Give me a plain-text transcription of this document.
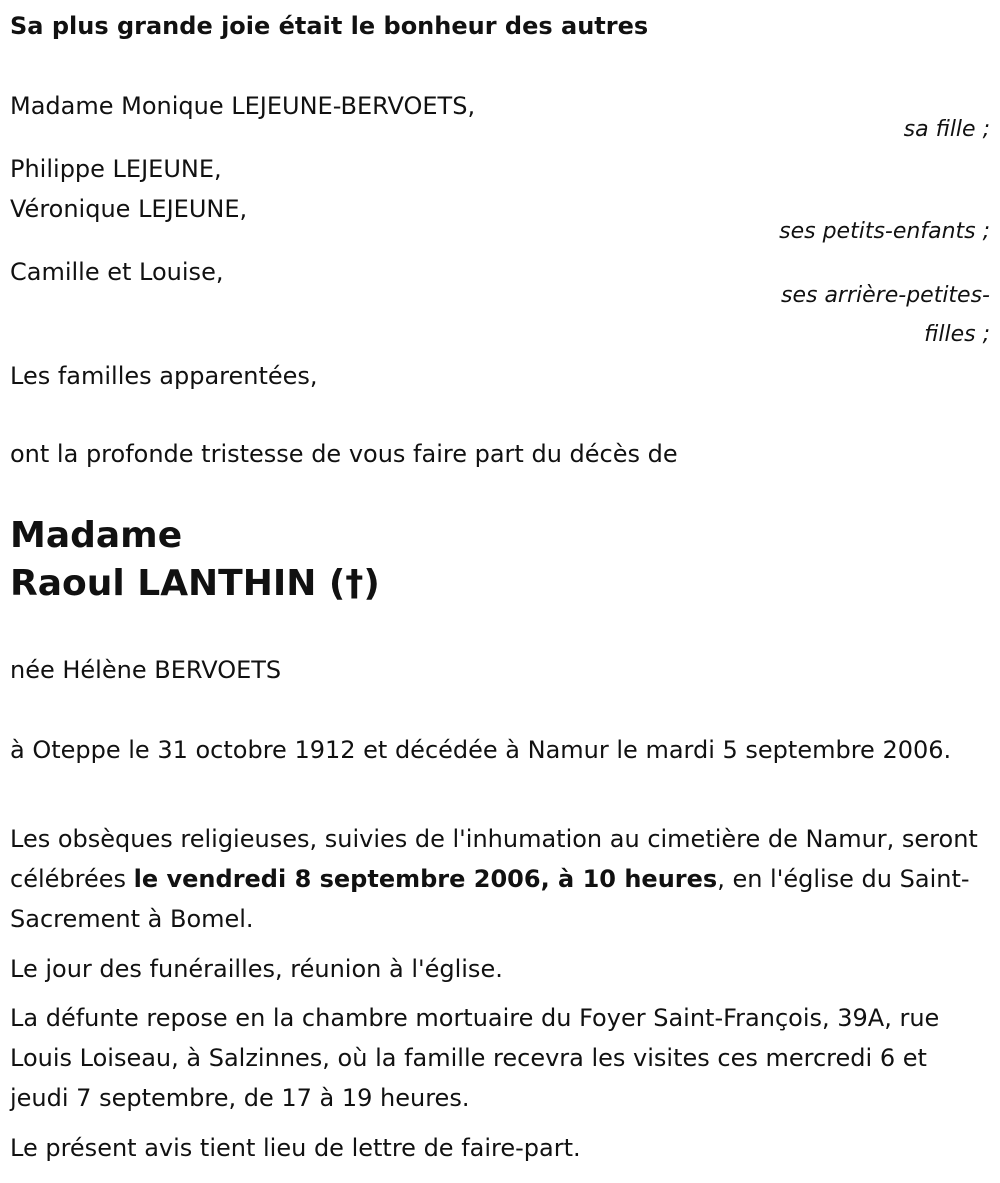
Sa plus grande joie était le bonheur des autres

Madame Monique LEJEUNE-BERVOETS,

sa fille ;

Philippe LEJEUNE,

Véronique LEJEUNE,

ses petits-enfants ;

Camille et Louise,

ses arrière-petites-

filles ;

Les familles apparentées,

ont la profonde tristesse de vous faire part du décès de

Madame

Raoul LANTHIN (†)

née Hélène BERVOETS

à Oteppe le 31 octobre 1912 et décédée à Namur le mardi 5 septembre 2006.

Les obsèques religieuses, suivies de l'inhumation au cimetière de Namur, seront célébrées le vendredi 8 septembre 2006, à 10 heures, en l'église du Saint-Sacrement à Bomel.

Le jour des funérailles, réunion à l'église.

La défunte repose en la chambre mortuaire du Foyer Saint-François, 39A, rue Louis Loiseau, à Salzinnes, où la famille recevra les visites ces mercredi 6 et jeudi 7 septembre, de 17 à 19 heures.

Le présent avis tient lieu de lettre de faire-part.
